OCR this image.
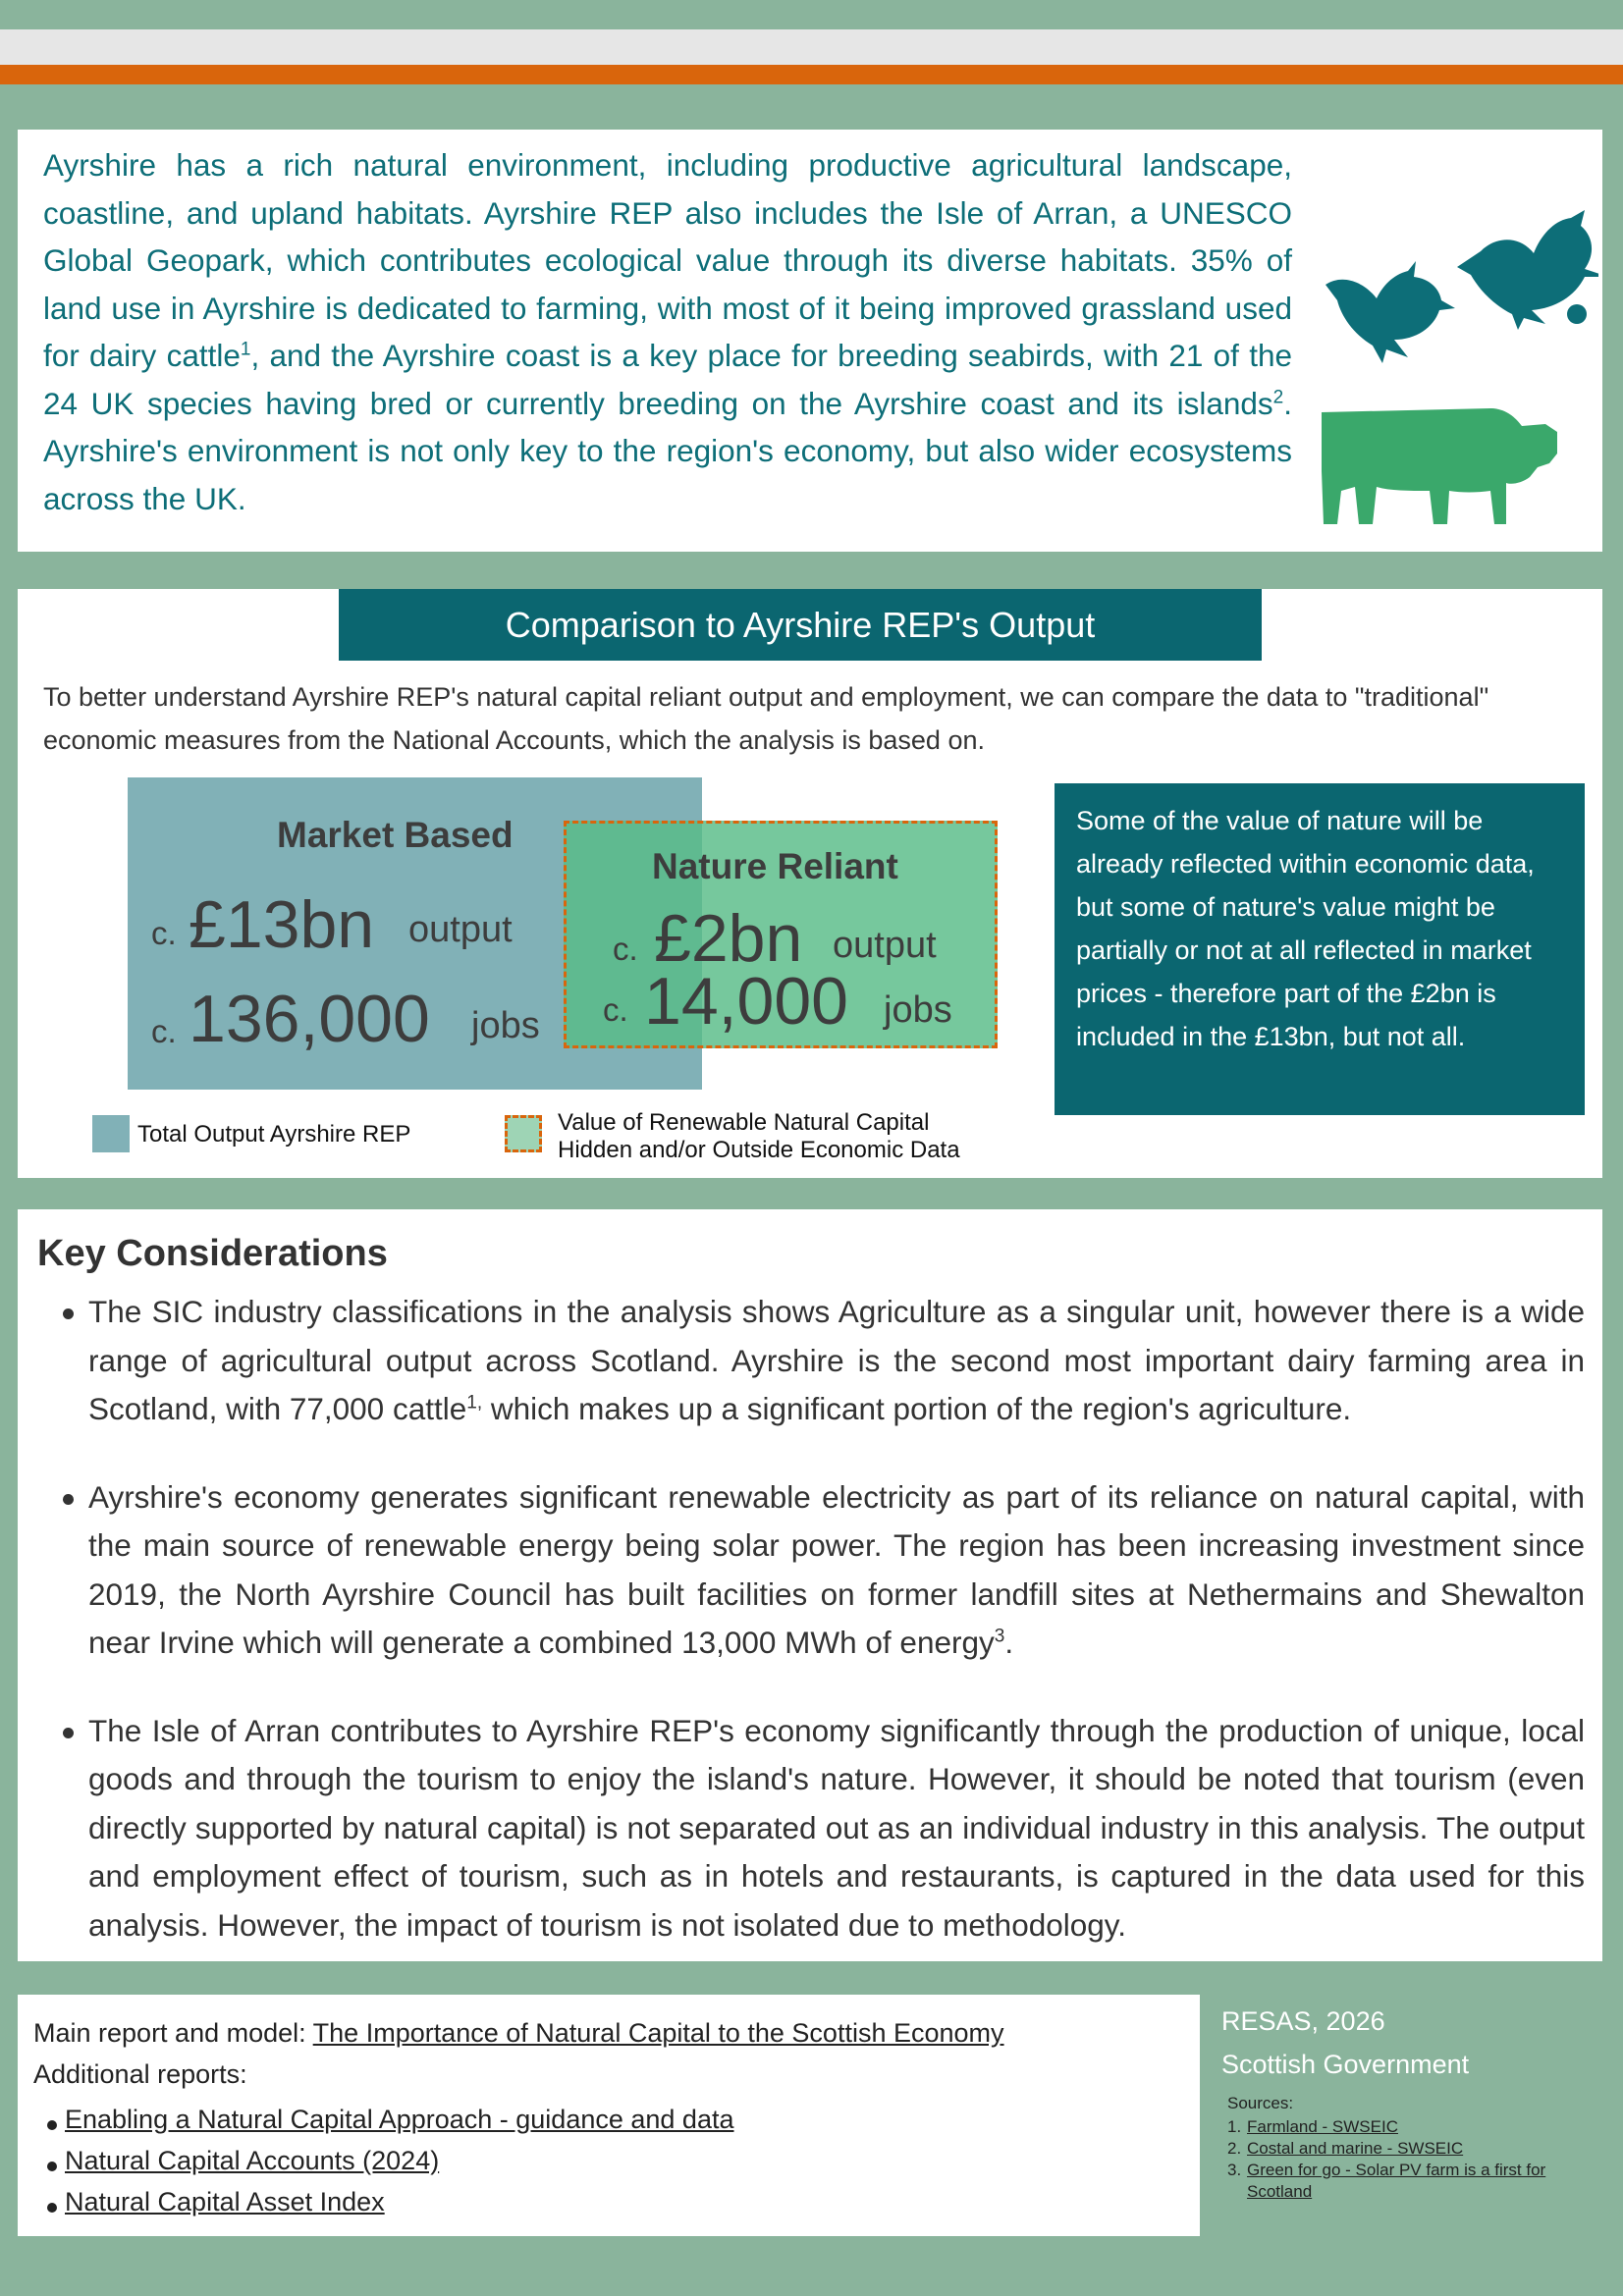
Ayrshire has a rich natural environment, including productive agricultural landscape, coastline, and upland habitats. Ayrshire REP also includes the Isle of Arran, a UNESCO Global Geopark, which contributes ecological value through its diverse habitats. 35% of land use in Ayrshire is dedicated to farming, with most of it being improved grassland used for dairy cattle$^1$, and the Ayrshire coast is a key place for breeding seabirds, with 21 of the 24 UK species having bred or currently breeding on the Ayrshire coast and its islands$^2$. Ayrshire's environment is not only key to the region's economy, but also wider ecosystems across the UK.
Comparison to Ayrshire REP's Output
To better understand Ayrshire REP's natural capital reliant output and employment, we can compare the data to "traditional" economic measures from the National Accounts, which the analysis is based on.
Market Based
c. £13bn output
c. 136,000 jobs
Nature Reliant
c. £2bn output
c. 14,000 jobs
Some of the value of nature will be already reflected within economic data, but some of nature's value might be partially or not at all reflected in market prices - therefore part of the £2bn is included in the £13bn, but not all.
Total Output Ayrshire REP	Value of Renewable Natural Capital
Hidden and/or Outside Economic Data
Key Considerations
The SIC industry classifications in the analysis shows Agriculture as a singular unit, however there is a wide range of agricultural output across Scotland. Ayrshire is the second most important dairy farming area in Scotland, with 77,000 cattle$^{1,}$ which makes up a significant portion of the region's agriculture.
Ayrshire's economy generates significant renewable electricity as part of its reliance on natural capital, with the main source of renewable energy being solar power. The region has been increasing investment since 2019, the North Ayrshire Council has built facilities on former landfill sites at Nethermains and Shewalton near Irvine which will generate a combined 13,000 MWh of energy$^3$.
The Isle of Arran contributes to Ayrshire REP's economy significantly through the production of unique, local goods and through the tourism to enjoy the island's nature. However, it should be noted that tourism (even directly supported by natural capital) is not separated out as an individual industry in this analysis. The output and employment effect of tourism, such as in hotels and restaurants, is captured in the data used for this analysis. However, the impact of tourism is not isolated due to methodology.
Main report and model: The Importance of Natural Capital to the Scottish Economy
Additional reports:
Enabling a Natural Capital Approach - guidance and data
Natural Capital Accounts (2024)
Natural Capital Asset Index
RESAS, 2026
Scottish Government
Sources:
1. Farmland - SWSEIC
2. Costal and marine - SWSEIC
3. Green for go - Solar PV farm is a first for Scotland
